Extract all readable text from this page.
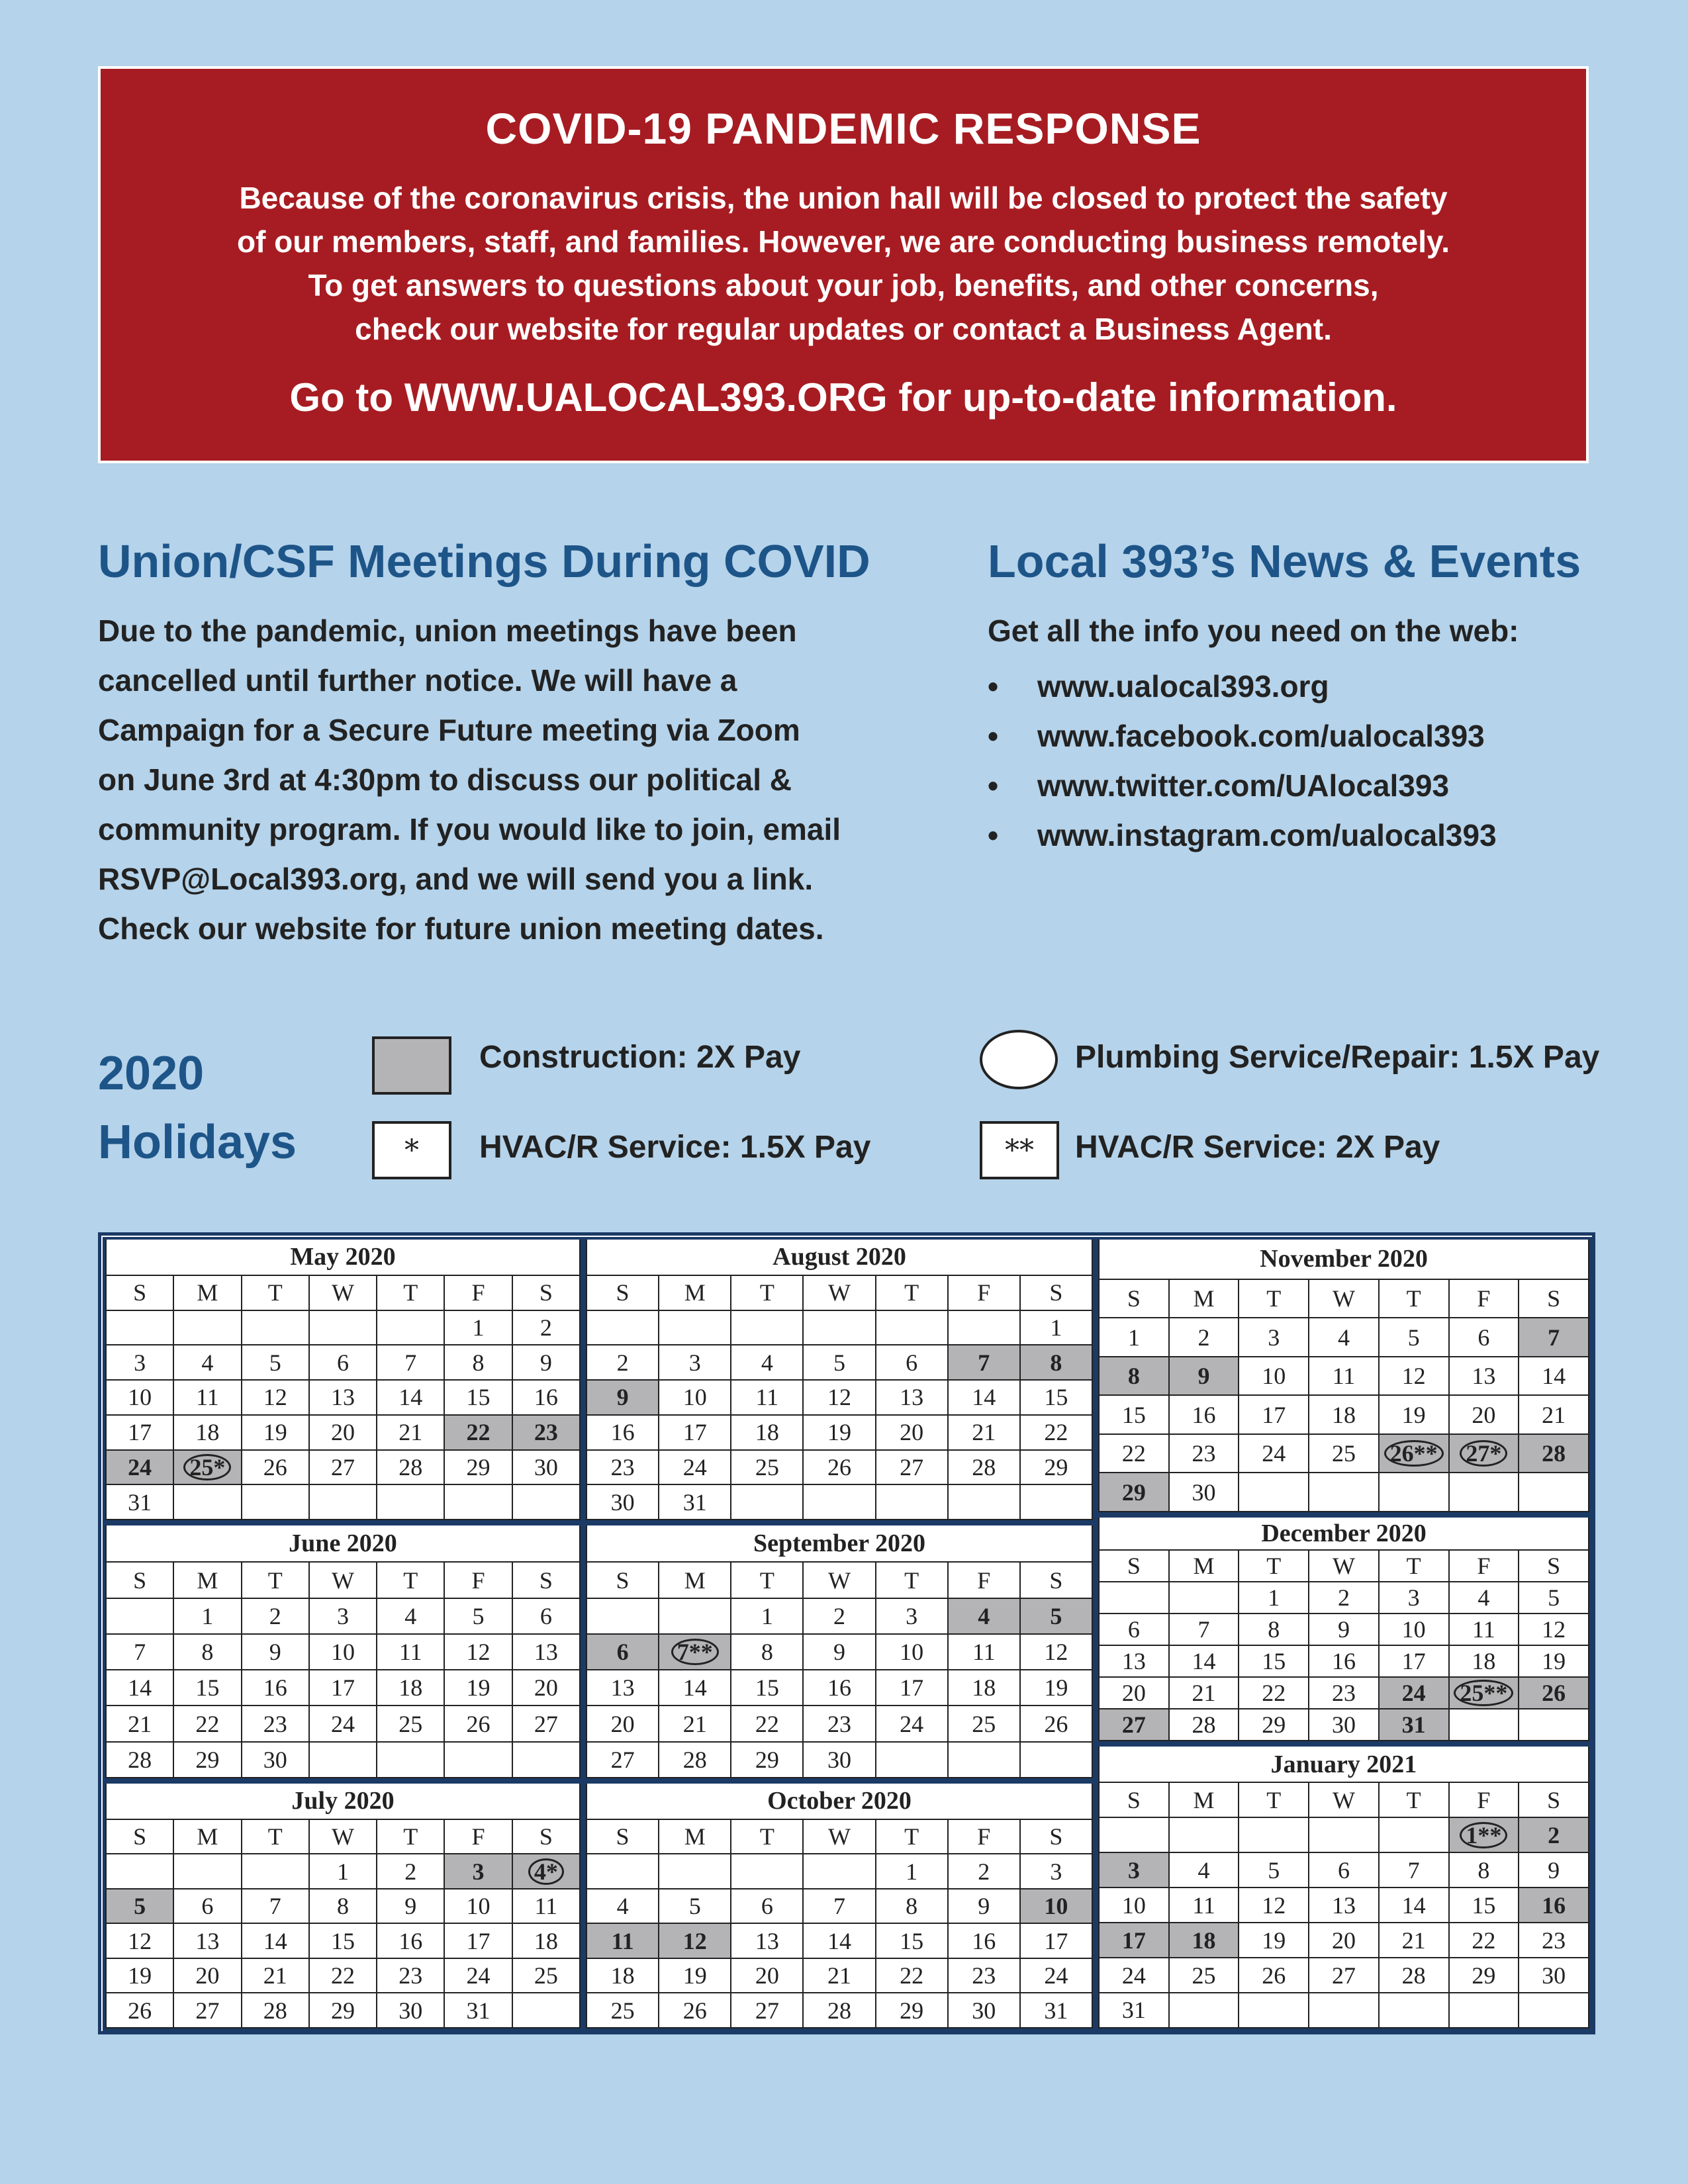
COVID-19 PANDEMIC RESPONSE

Because of the coronavirus crisis, the union hall will be closed to protect the safety

of our members, staff, and families. However, we are conducting business remotely.

To get answers to questions about your job, benefits, and other concerns,

check our website for regular updates or contact a Business Agent.

Go to WWW.UALOCAL393.ORG for up-to-date information.

Union/CSF Meetings During COVID
Due to the pandemic, union meetings have been
cancelled until further notice. We will have a
Campaign for a Secure Future meeting via Zoom
on June 3rd at 4:30pm to discuss our political &
community program. If you would like to join, email
RSVP@Local393.org, and we will send you a link.
Check our website for future union meeting dates.
Local 393’s News & Events
Get all the info you need on the web:
• www.ualocal393.org
• www.facebook.com/ualocal393
• www.twitter.com/UAlocal393
• www.instagram.com/ualocal393
2020
Holidays
Construction: 2X Pay	Plumbing Service/Repair: 1.5X Pay
*	HVAC/R Service: 1.5X Pay	**	HVAC/R Service: 2X Pay
May 2020						
S	M	T	W	T	F	S
					1	2
3	4	5	6	7	8	9
10	11	12	13	14	15	16
17	18	19	20	21	22	23
24	25*	26	27	28	29	30
31						
June 2020						
S	M	T	W	T	F	S
	1	2	3	4	5	6
7	8	9	10	11	12	13
14	15	16	17	18	19	20
21	22	23	24	25	26	27
28	29	30				
July 2020						
S	M	T	W	T	F	S
			1	2	3	4*
5	6	7	8	9	10	11
12	13	14	15	16	17	18
19	20	21	22	23	24	25
26	27	28	29	30	31	
August 2020						
S	M	T	W	T	F	S
						1
2	3	4	5	6	7	8
9	10	11	12	13	14	15
16	17	18	19	20	21	22
23	24	25	26	27	28	29
30	31					
September 2020						
S	M	T	W	T	F	S
		1	2	3	4	5
6	7**	8	9	10	11	12
13	14	15	16	17	18	19
20	21	22	23	24	25	26
27	28	29	30			
October 2020						
S	M	T	W	T	F	S
				1	2	3
4	5	6	7	8	9	10
11	12	13	14	15	16	17
18	19	20	21	22	23	24
25	26	27	28	29	30	31
November 2020						
S	M	T	W	T	F	S
1	2	3	4	5	6	7
8	9	10	11	12	13	14
15	16	17	18	19	20	21
22	23	24	25	26**	27*	28
29	30					
December 2020						
S	M	T	W	T	F	S
		1	2	3	4	5
6	7	8	9	10	11	12
13	14	15	16	17	18	19
20	21	22	23	24	25**	26
27	28	29	30	31		
January 2021						
S	M	T	W	T	F	S
					1**	2
3	4	5	6	7	8	9
10	11	12	13	14	15	16
17	18	19	20	21	22	23
24	25	26	27	28	29	30
31						
